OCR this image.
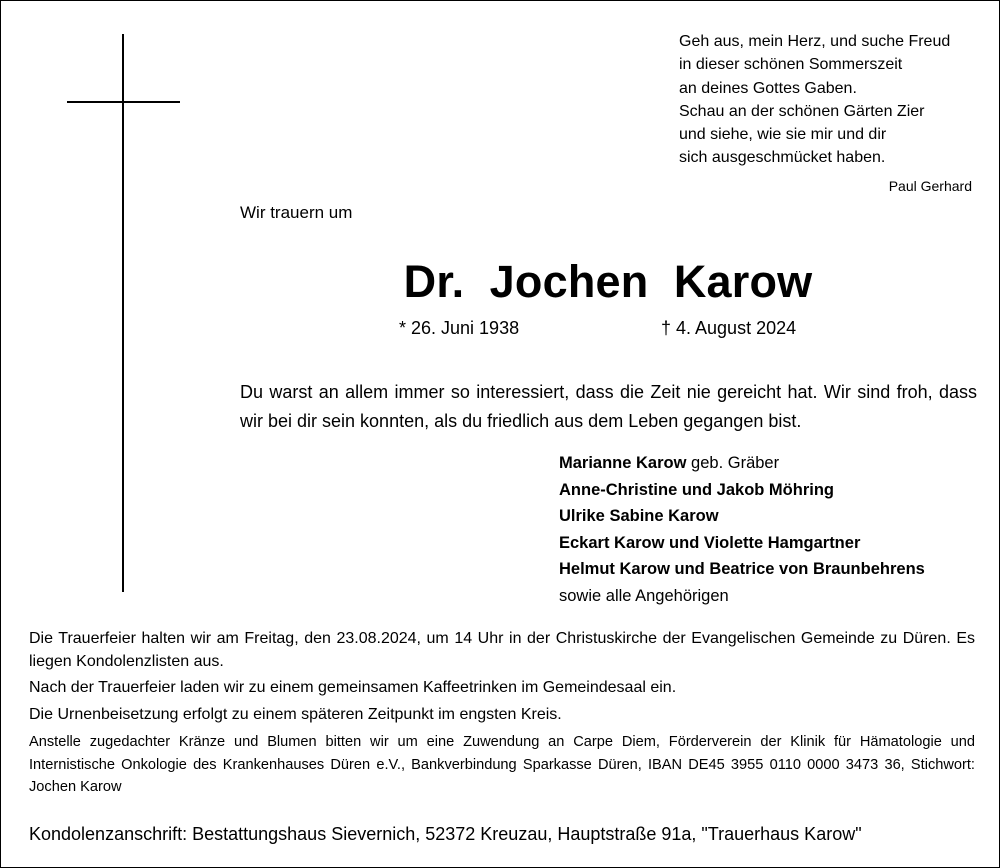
Geh aus, mein Herz, und suche Freud
in dieser schönen Sommerszeit
an deines Gottes Gaben.
Schau an der schönen Gärten Zier
und siehe, wie sie mir und dir
sich ausgeschmücket haben.
Paul Gerhard
Wir trauern um
Dr.  Jochen  Karow
* 26. Juni 1938	† 4. August 2024
Du warst an allem immer so interessiert, dass die Zeit nie gereicht hat. Wir sind froh, dass wir bei dir sein konnten, als du friedlich aus dem Leben gegangen bist.
Marianne Karow geb. Gräber
Anne-Christine und Jakob Möhring
Ulrike Sabine Karow
Eckart Karow und Violette Hamgartner
Helmut Karow und Beatrice von Braunbehrens
sowie alle Angehörigen

Die Trauerfeier halten wir am Freitag, den 23.08.2024, um 14 Uhr in der Christuskirche der Evangelischen Gemeinde zu Düren. Es liegen Kondolenzlisten aus.

Nach der Trauerfeier laden wir zu einem gemeinsamen Kaffeetrinken im Gemeindesaal ein.

Die Urnenbeisetzung erfolgt zu einem späteren Zeitpunkt im engsten Kreis.

Anstelle zugedachter Kränze und Blumen bitten wir um eine Zuwendung an Carpe Diem, Förderverein der Klinik für Hämatologie und Internistische Onkologie des Krankenhauses Düren e.V., Bankverbindung Sparkasse Düren, IBAN DE45 3955 0110 0000 3473 36, Stichwort: Jochen Karow

Kondolenzanschrift: Bestattungshaus Sievernich, 52372 Kreuzau, Hauptstraße 91a, "Trauerhaus Karow"
